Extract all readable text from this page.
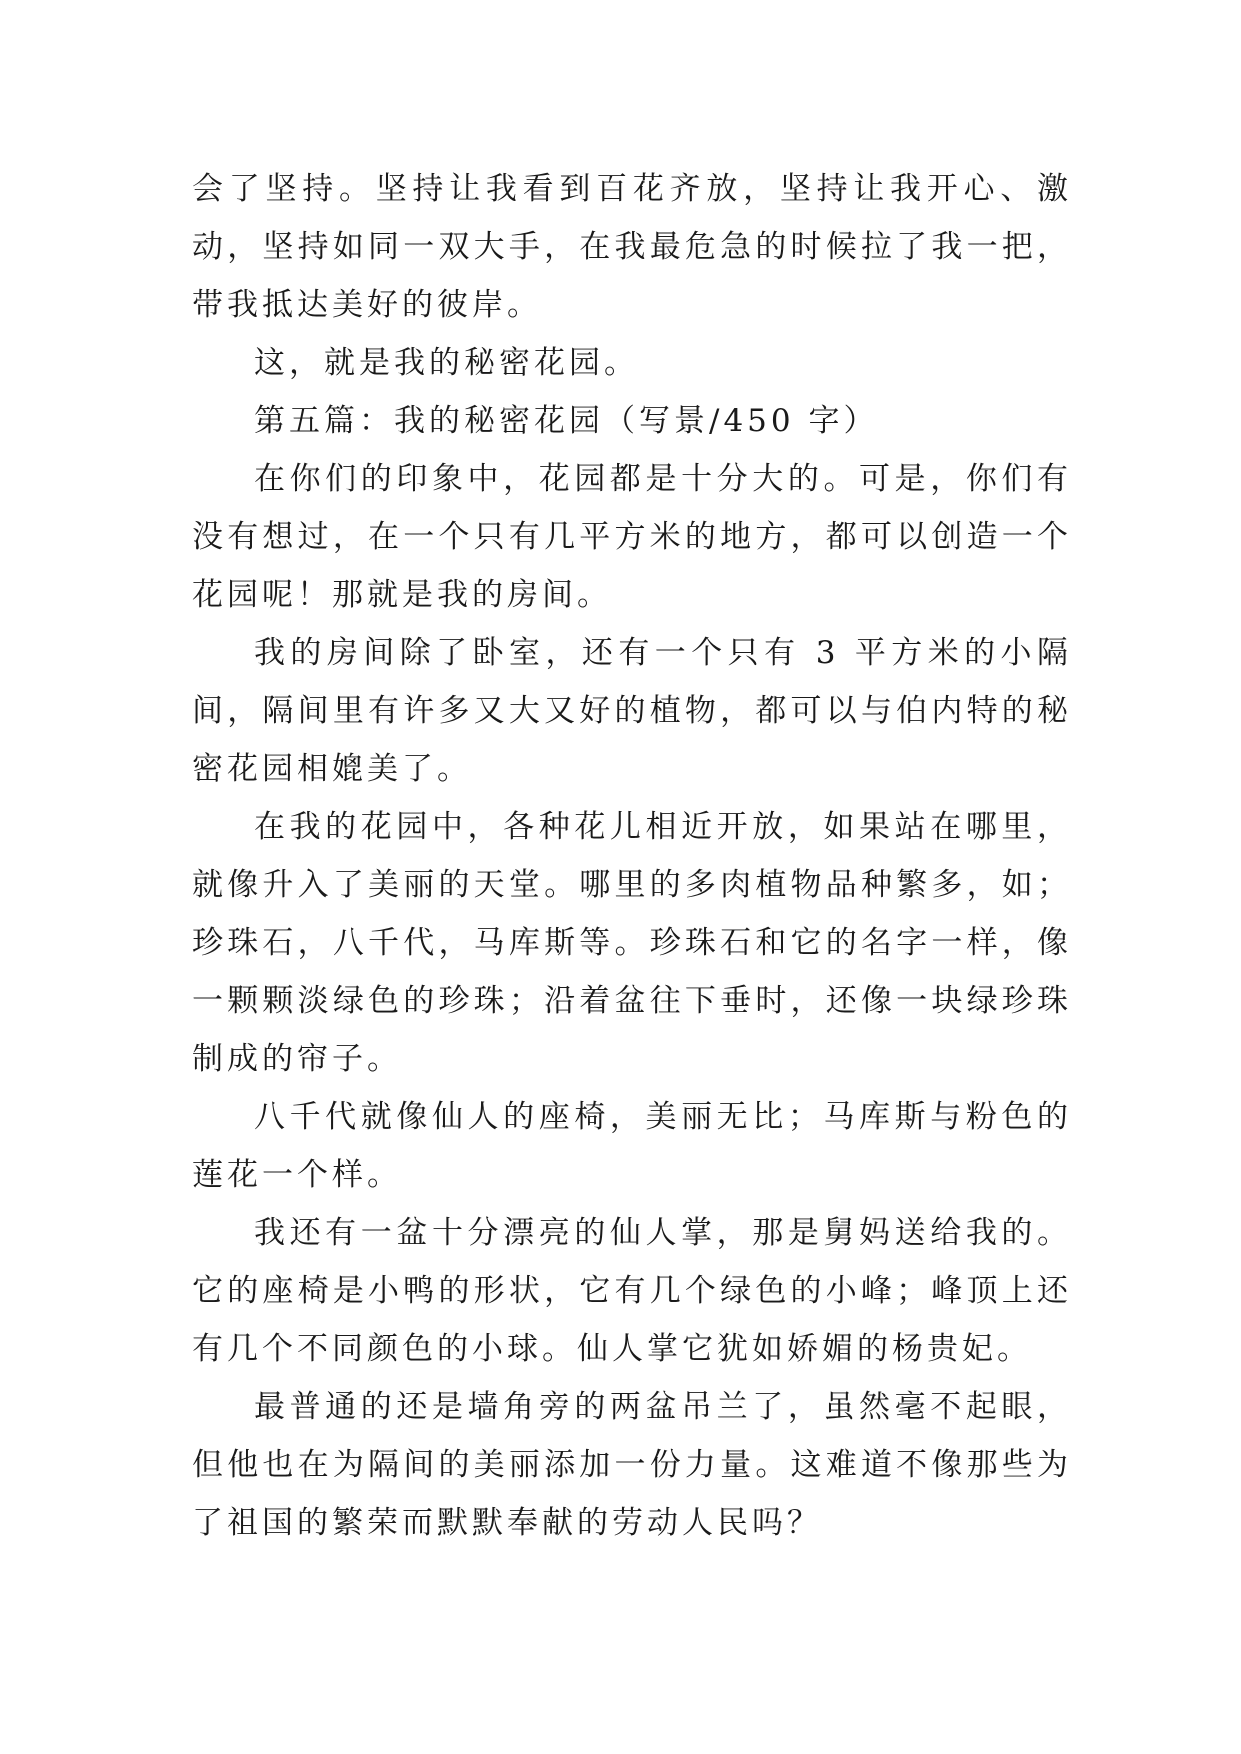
会了坚持。坚持让我看到百花齐放，坚持让我开心、激动，坚持如同一双大手，在我最危急的时候拉了我一把，带我抵达美好的彼岸。

这，就是我的秘密花园。

第五篇：我的秘密花园（写景/450 字）

在你们的印象中，花园都是十分大的。可是，你们有没有想过，在一个只有几平方米的地方，都可以创造一个花园呢！那就是我的房间。

我的房间除了卧室，还有一个只有 3 平方米的小隔间，隔间里有许多又大又好的植物，都可以与伯内特的秘密花园相媲美了。

在我的花园中，各种花儿相近开放，如果站在哪里，就像升入了美丽的天堂。哪里的多肉植物品种繁多，如；珍珠石，八千代，马库斯等。珍珠石和它的名字一样，像一颗颗淡绿色的珍珠；沿着盆往下垂时，还像一块绿珍珠制成的帘子。

八千代就像仙人的座椅，美丽无比；马库斯与粉色的莲花一个样。

我还有一盆十分漂亮的仙人掌，那是舅妈送给我的。它的座椅是小鸭的形状，它有几个绿色的小峰；峰顶上还有几个不同颜色的小球。仙人掌它犹如娇媚的杨贵妃。

最普通的还是墙角旁的两盆吊兰了，虽然毫不起眼，但他也在为隔间的美丽添加一份力量。这难道不像那些为了祖国的繁荣而默默奉献的劳动人民吗？
